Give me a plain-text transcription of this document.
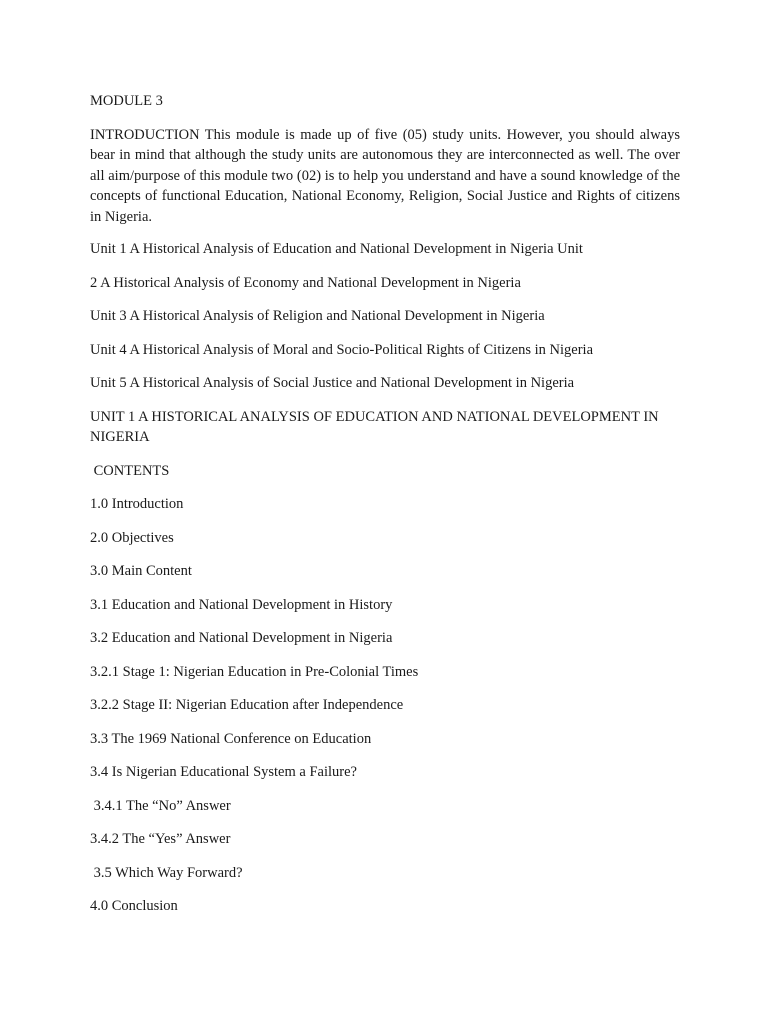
MODULE 3

INTRODUCTION This module is made up of five (05) study units. However, you should always bear in mind that although the study units are autonomous they are interconnected as well. The over all aim/purpose of this module two (02) is to help you understand and have a sound knowledge of the concepts of functional Education, National Economy, Religion, Social Justice and Rights of citizens in Nigeria.

Unit 1 A Historical Analysis of Education and National Development in Nigeria Unit

2 A Historical Analysis of Economy and National Development in Nigeria

Unit 3 A Historical Analysis of Religion and National Development in Nigeria

Unit 4 A Historical Analysis of Moral and Socio-Political Rights of Citizens in Nigeria

Unit 5 A Historical Analysis of Social Justice and National Development in Nigeria

UNIT 1 A HISTORICAL ANALYSIS OF EDUCATION AND NATIONAL DEVELOPMENT IN NIGERIA

CONTENTS

1.0 Introduction

2.0 Objectives

3.0 Main Content

3.1 Education and National Development in History

3.2 Education and National Development in Nigeria

3.2.1 Stage 1: Nigerian Education in Pre-Colonial Times

3.2.2 Stage II: Nigerian Education after Independence

3.3 The 1969 National Conference on Education

3.4 Is Nigerian Educational System a Failure?

3.4.1 The “No” Answer

3.4.2 The “Yes” Answer

3.5 Which Way Forward?

4.0 Conclusion
